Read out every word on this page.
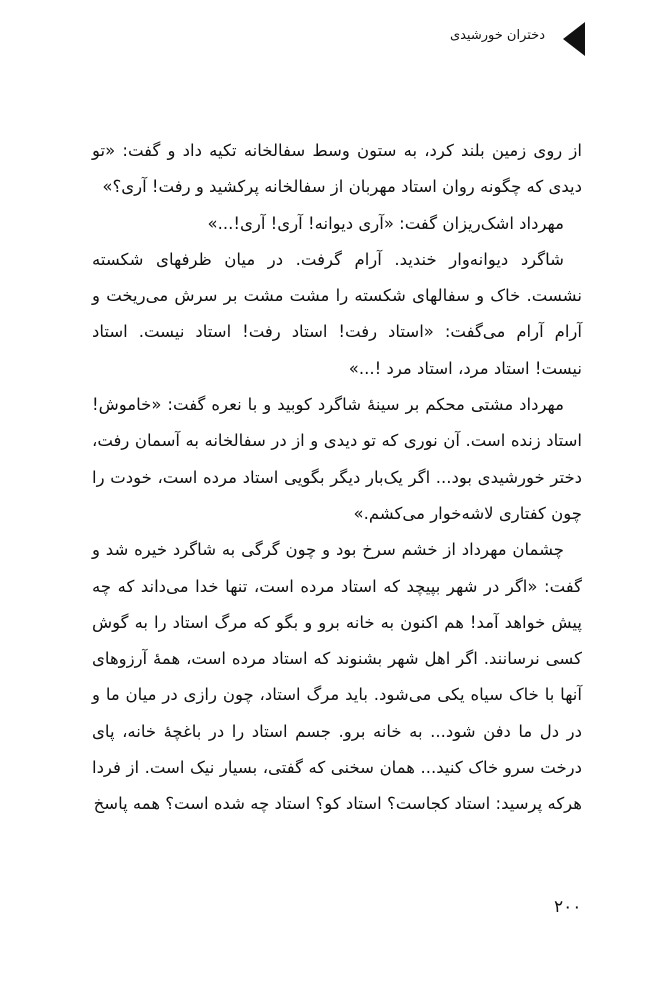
دختران خورشیدی

از روی زمین بلند کرد، به ستون وسط سفالخانه تکیه داد و گفت: «تو دیدی که چگونه روان استاد مهربان از سفالخانه پرکشید و رفت! آری؟»

مهرداد اشک‌ریزان گفت: «آری دیوانه! آری! آری!...»

شاگرد دیوانه‌وار خندید. آرام گرفت. در میان ظرفهای شکسته نشست. خاک و سفالهای شکسته را مشت مشت بر سرش می‌ریخت و آرام آرام می‌گفت: «استاد رفت! استاد رفت! استاد نیست. استاد نیست! استاد مرد، استاد مرد !...»

مهرداد مشتی محکم بر سینهٔ شاگرد کوبید و با نعره گفت: «خاموش! استاد زنده است. آن نوری که تو دیدی و از در سفالخانه به آسمان رفت، دختر خورشیدی بود... اگر یک‌بار دیگر بگویی استاد مرده است، خودت را چون کفتاری لاشه‌خوار می‌کشم.»

چشمان مهرداد از خشم سرخ بود و چون گرگی به شاگرد خیره شد و گفت: «اگر در شهر بپیچد که استاد مرده است، تنها خدا می‌داند که چه پیش خواهد آمد! هم اکنون به خانه برو و بگو که مرگ استاد را به گوش کسی نرسانند. اگر اهل شهر بشنوند که استاد مرده است، همهٔ آرزوهای آنها با خاک سیاه یکی می‌شود. باید مرگ استاد، چون رازی در میان ما و در دل ما دفن شود... به خانه برو. جسم استاد را در باغچهٔ خانه، پای درخت سرو خاک کنید... همان سخنی که گفتی، بسیار نیک است. از فردا هرکه پرسید: استاد کجاست؟ استاد کو؟ استاد چه شده است؟ همه پاسخ

۲۰۰
